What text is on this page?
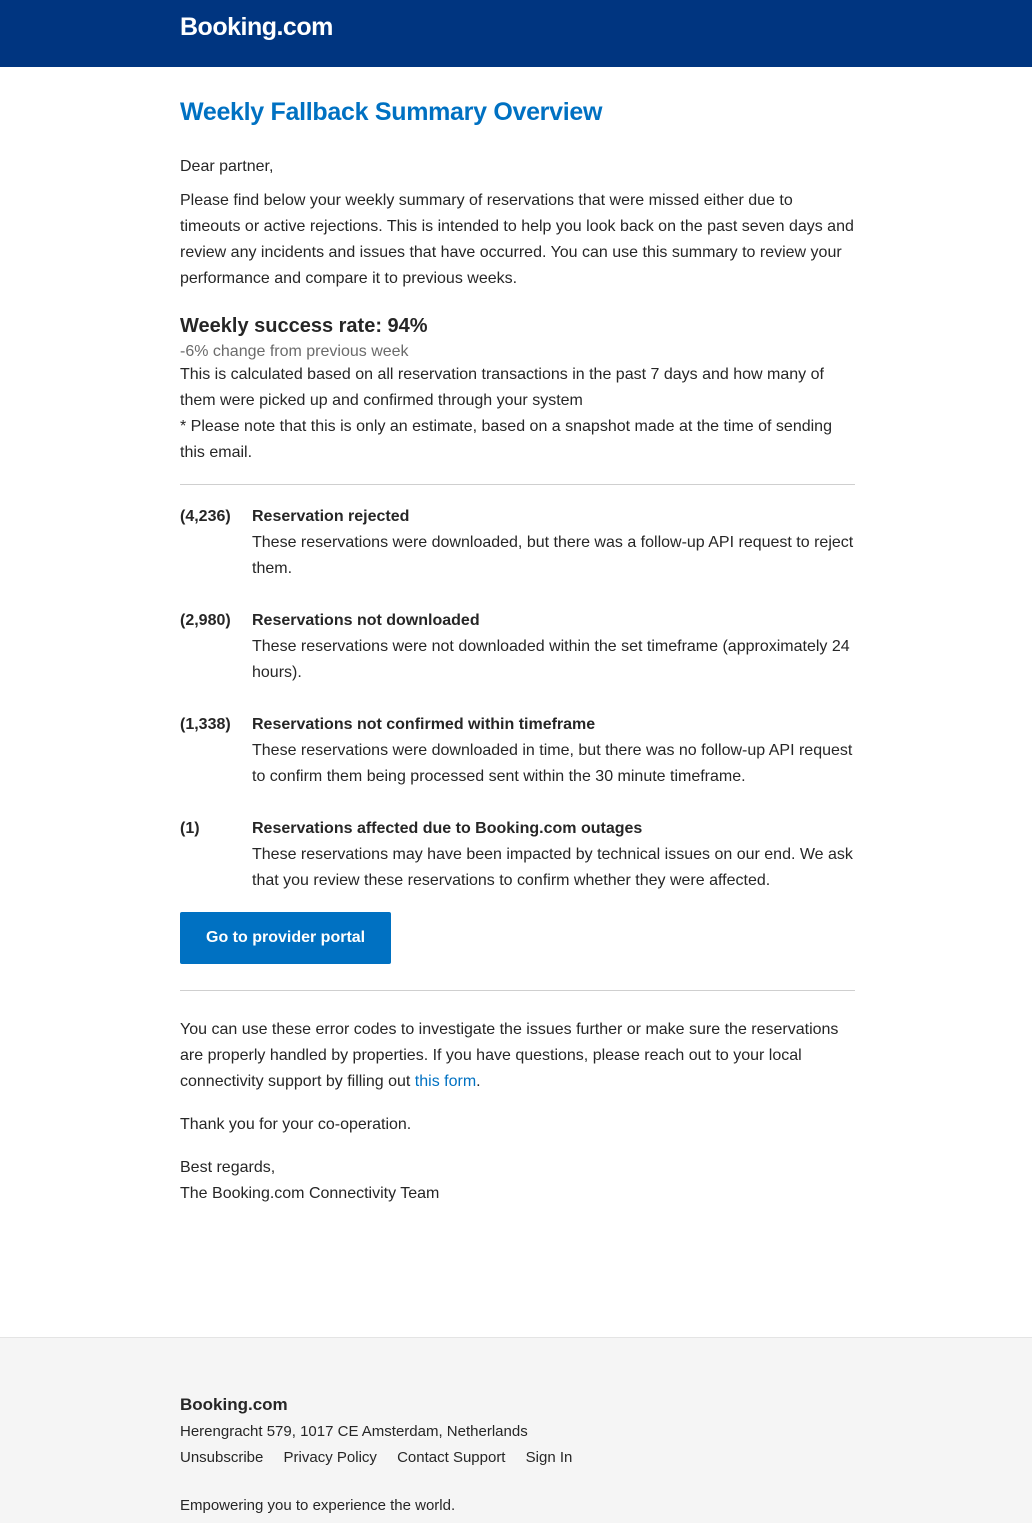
Booking.com
Weekly Fallback Summary Overview
Dear partner,
Please find below your weekly summary of reservations that were missed either due to timeouts or active rejections. This is intended to help you look back on the past seven days and review any incidents and issues that have occurred. You can use this summary to review your performance and compare it to previous weeks.
Weekly success rate: 94%
-6% change from previous week
This is calculated based on all reservation transactions in the past 7 days and how many of them were picked up and confirmed through your system
* Please note that this is only an estimate, based on a snapshot made at the time of sending this email.
(4,236)	Reservation rejected
These reservations were downloaded, but there was a follow-up API request to reject them.
(2,980)	Reservations not downloaded
These reservations were not downloaded within the set timeframe (approximately 24 hours).
(1,338)	Reservations not confirmed within timeframe
These reservations were downloaded in time, but there was no follow-up API request to confirm them being processed sent within the 30 minute timeframe.
(1)	Reservations affected due to Booking.com outages
These reservations may have been impacted by technical issues on our end. We ask that you review these reservations to confirm whether they were affected.
Go to provider portal
You can use these error codes to investigate the issues further or make sure the reservations are properly handled by properties. If you have questions, please reach out to your local connectivity support by filling out this form.
Thank you for your co-operation.
Best regards,
The Booking.com Connectivity Team
Booking.com
Herengracht 579, 1017 CE Amsterdam, Netherlands
Unsubscribe Privacy Policy Contact Support Sign In
Empowering you to experience the world.
